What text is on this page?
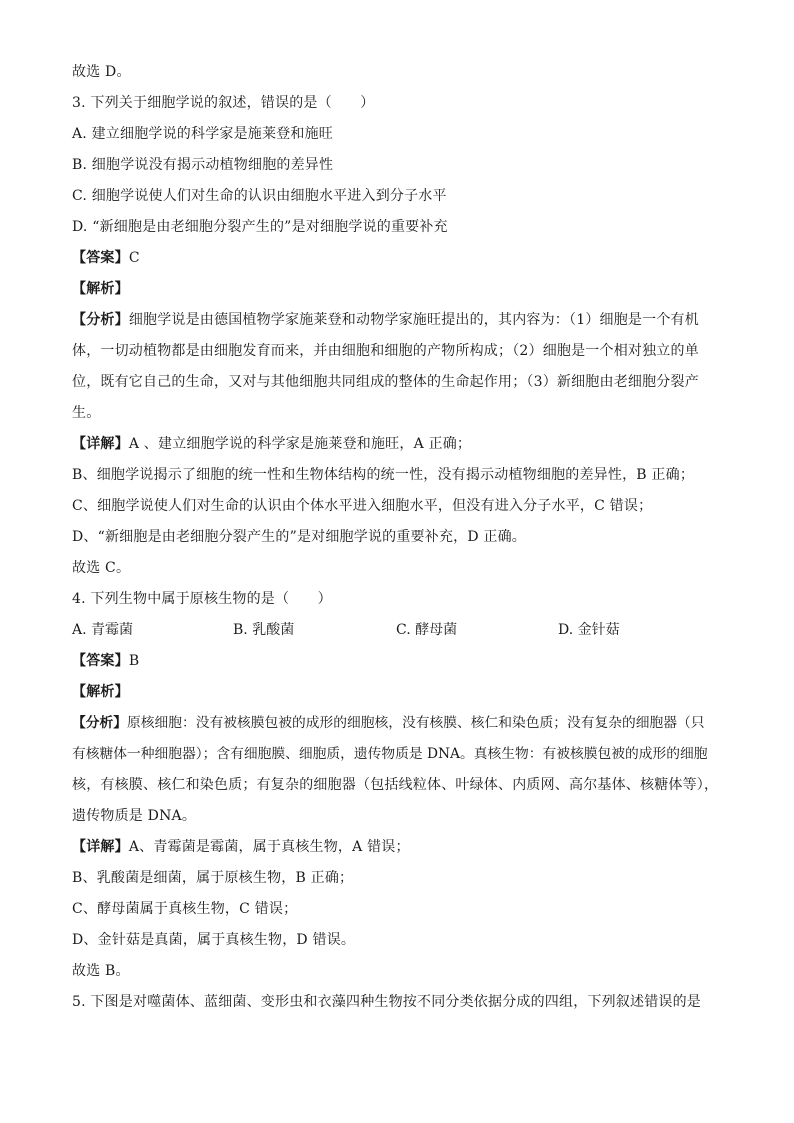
故选 D。
3. 下列关于细胞学说的叙述，错误的是（　　）
A. 建立细胞学说的科学家是施莱登和施旺
B. 细胞学说没有揭示动植物细胞的差异性
C. 细胞学说使人们对生命的认识由细胞水平进入到分子水平
D. “新细胞是由老细胞分裂产生的”是对细胞学说的重要补充
【答案】C
【解析】
【分析】细胞学说是由德国植物学家施莱登和动物学家施旺提出的，其内容为：（1）细胞是一个有机
体，一切动植物都是由细胞发育而来，并由细胞和细胞的产物所构成；（2）细胞是一个相对独立的单
位，既有它自己的生命，又对与其他细胞共同组成的整体的生命起作用；（3）新细胞由老细胞分裂产
生。
【详解】A 、建立细胞学说的科学家是施莱登和施旺，A 正确；
B、细胞学说揭示了细胞的统一性和生物体结构的统一性，没有揭示动植物细胞的差异性，B 正确；
C、细胞学说使人们对生命的认识由个体水平进入细胞水平，但没有进入分子水平，C 错误；
D、“新细胞是由老细胞分裂产生的”是对细胞学说的重要补充，D 正确。
故选 C。
4. 下列生物中属于原核生物的是（　　）
A. 青霉菌	B. 乳酸菌	C. 酵母菌	D. 金针菇
【答案】B
【解析】
【分析】原核细胞：没有被核膜包被的成形的细胞核，没有核膜、核仁和染色质；没有复杂的细胞器（只
有核糖体一种细胞器）；含有细胞膜、细胞质，遗传物质是 DNA。真核生物：有被核膜包被的成形的细胞
核，有核膜、核仁和染色质；有复杂的细胞器（包括线粒体、叶绿体、内质网、高尔基体、核糖体等），
遗传物质是 DNA。
【详解】A、青霉菌是霉菌，属于真核生物，A 错误；
B、乳酸菌是细菌，属于原核生物，B 正确；
C、酵母菌属于真核生物，C 错误；
D、金针菇是真菌，属于真核生物，D 错误。
故选 B。
5. 下图是对噬菌体、蓝细菌、变形虫和衣藻四种生物按不同分类依据分成的四组，下列叙述错误的是
